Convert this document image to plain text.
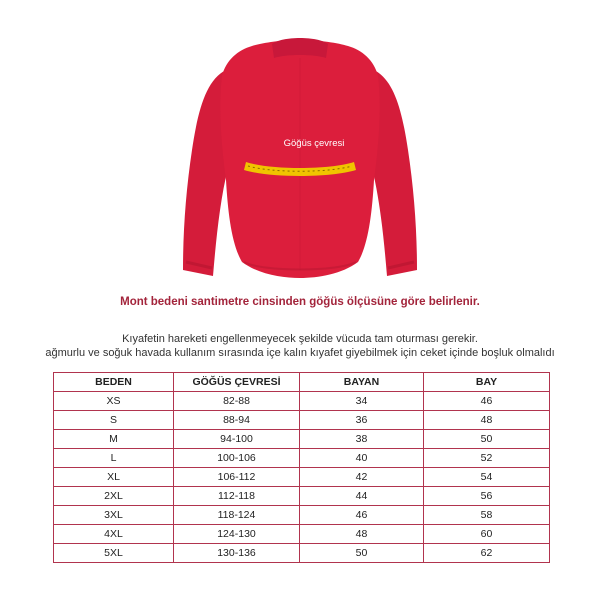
Göğüs çevresi
Mont bedeni santimetre cinsinden göğüs ölçüsüne göre belirlenir.
Kıyafetin hareketi engellenmeyecek şekilde vücuda tam oturması gerekir.
ağmurlu ve soğuk havada kullanım sırasında içe kalın kıyafet giyebilmek için ceket içinde boşluk olmalıdı
BEDEN	GÖĞÜS ÇEVRESİ	BAYAN	BAY
XS	82-88	34	46
S	88-94	36	48
M	94-100	38	50
L	100-106	40	52
XL	106-112	42	54
2XL	112-118	44	56
3XL	118-124	46	58
4XL	124-130	48	60
5XL	130-136	50	62
